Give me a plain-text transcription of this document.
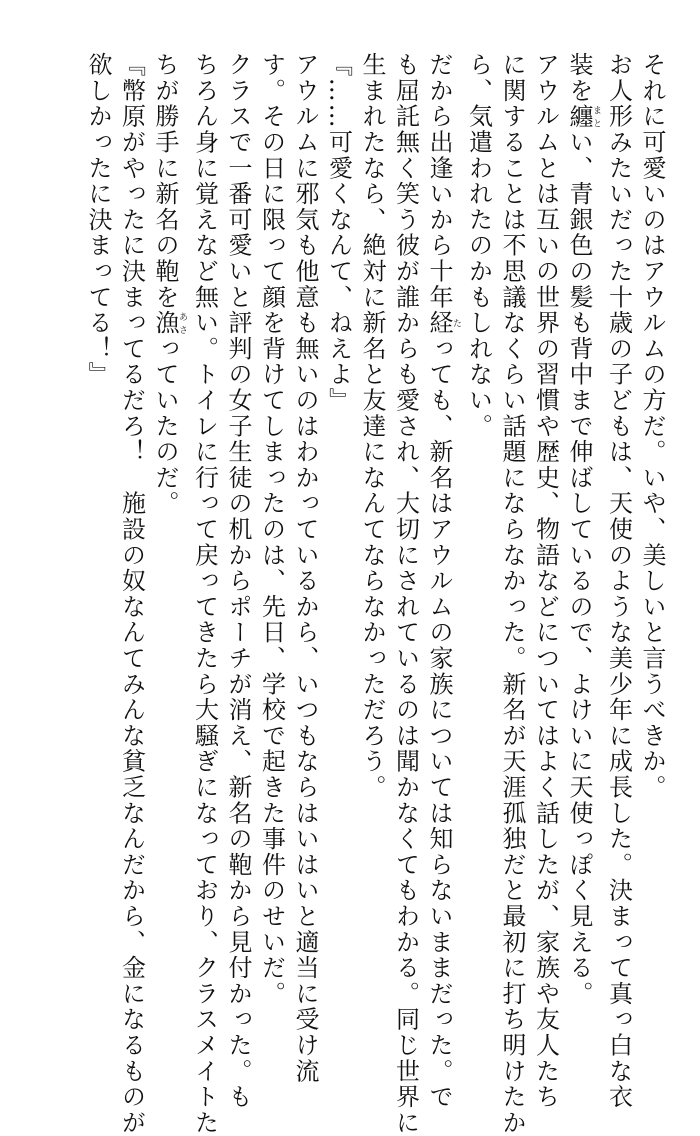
それに可愛いのはアウルムの方だ。いや、美しいと言うべきか。
お人形みたいだった十歳の子どもは、天使のような美少年に成長した。決まって真っ白な衣
装を纏まとい、青銀色の髪も背中まで伸ばしているので、よけいに天使っぽく見える。
アウルムとは互いの世界の習慣や歴史、物語などについてはよく話したが、家族や友人たち
に関することは不思議なくらい話題にならなかった。新名が天涯孤独だと最初に打ち明けたか
ら、気遣われたのかもしれない。
だから出逢いから十年経たっても、新名はアウルムの家族については知らないままだった。で
も屈託無く笑う彼が誰からも愛され、大切にされているのは聞かなくてもわかる。同じ世界に
生まれたなら、絶対に新名と友達になんてならなかっただろう。
『……可愛くなんて、ねえよ』
アウルムに邪気も他意も無いのはわかっているから、いつもならはいはいと適当に受け流
す。その日に限って顔を背けてしまったのは、先日、学校で起きた事件のせいだ。
クラスで一番可愛いと評判の女子生徒の机からポーチが消え、新名の鞄から見付かった。も
ちろん身に覚えなど無い。トイレに行って戻ってきたら大騒ぎになっており、クラスメイトた
ちが勝手に新名の鞄を漁あさっていたのだ。
『幣原がやったに決まってるだろ！　施設の奴なんてみんな貧乏なんだから、金になるものが
欲しかったに決まってる！』
